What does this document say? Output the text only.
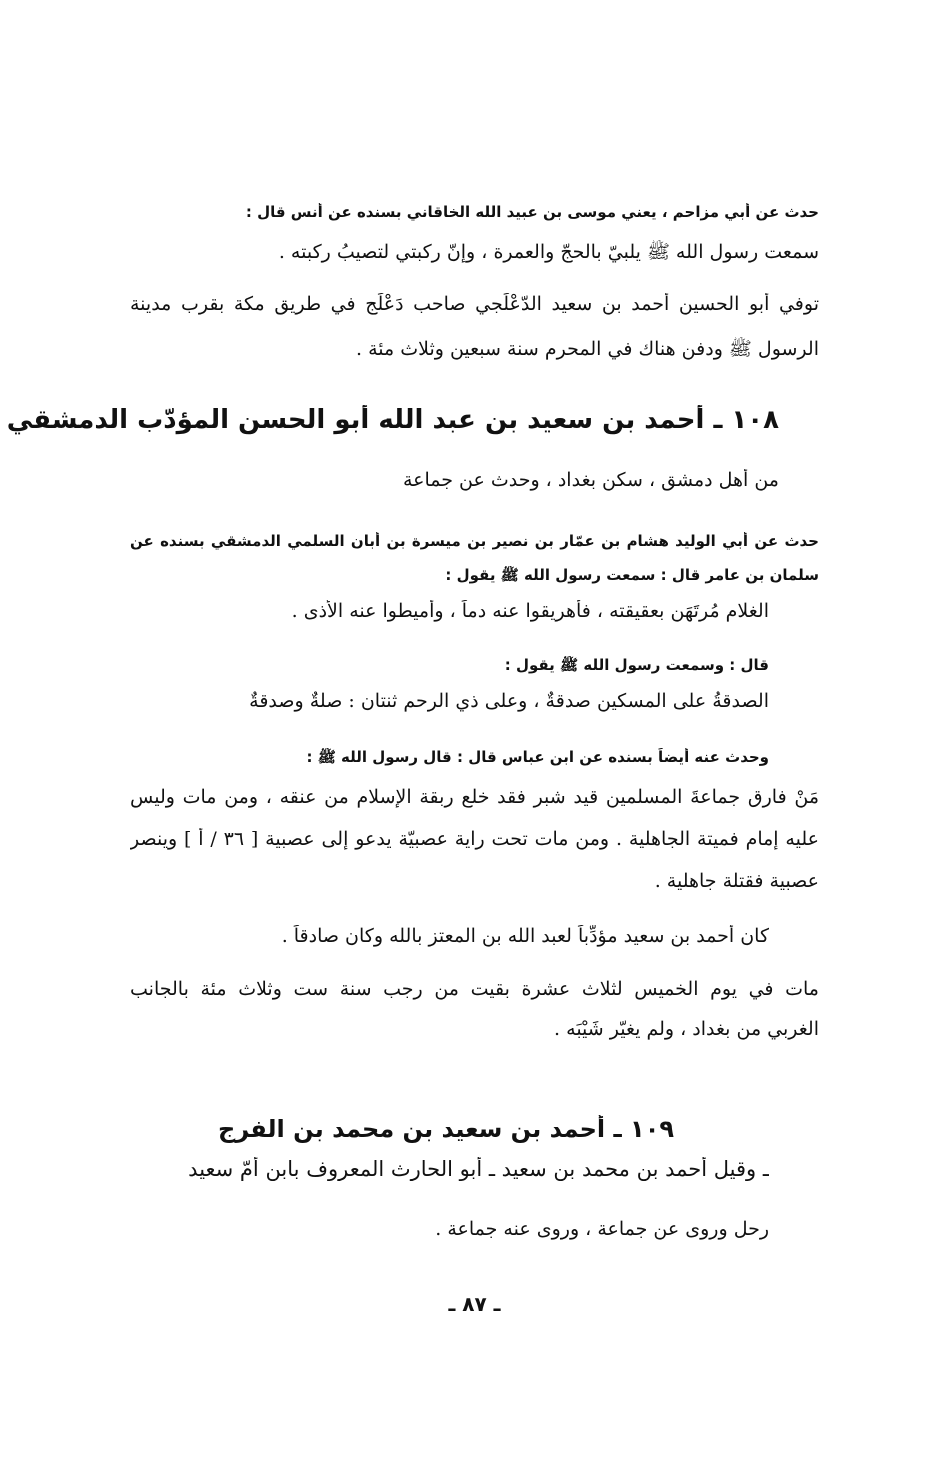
حدث عن أبي مزاحم ، يعني موسى بن عبيد الله الخاقاني بسنده عن أنس قال :
سمعت رسول الله ﷺ يلبيّ بالحجّ والعمرة ، وإنّ ركبتي لتصيبُ ركبته .
توفي أبو الحسين أحمد بن سعيد الدّعْلَجي صاحب دَعْلَج في طريق مكة بقرب مدينة
الرسول ﷺ ودفن هناك في المحرم سنة سبعين وثلاث مئة .
١٠٨ ـ أحمد بن سعيد بن عبد الله أبو الحسن المؤدّب الدمشقي
من أهل دمشق ، سكن بغداد ، وحدث عن جماعة
حدث عن أبي الوليد هشام بن عمّار بن نصير بن ميسرة بن أبان السلمي الدمشقي بسنده عن
سلمان بن عامر قال : سمعت رسول الله ﷺ يقول :
الغلام مُرتَهَن بعقيقته ، فأهريقوا عنه دماً ، وأميطوا عنه الأذى .
قال : وسمعت رسول الله ﷺ يقول :
الصدقةُ على المسكين صدقةٌ ، وعلى ذي الرحم ثنتان : صلةٌ وصدقةٌ
وحدث عنه أيضاً بسنده عن ابن عباس قال : قال رسول الله ﷺ :
مَنْ فارق جماعةَ المسلمين قيد شبر فقد خلع رِبقة الإسلام من عنقه ، ومن مات وليس
عليه إمام فميتة الجاهلية . ومن مات تحت راية عصبيّة يدعو إلى عصبية [ ٣٦ / أ ] وينصر
عصبية فقتلة جاهلية .
كان أحمد بن سعيد مؤدِّباً لعبد الله بن المعتز بالله وكان صادقاً .
مات في يوم الخميس لثلاث عشرة بقيت من رجب سنة ست وثلاث مئة بالجانب
الغربي من بغداد ، ولم يغيّر شَيْبَه .
١٠٩ ـ أحمد بن سعيد بن محمد بن الفرج
ـ وقيل أحمد بن محمد بن سعيد ـ أبو الحارث المعروف بابن أمّ سعيد
رحل وروى عن جماعة ، وروى عنه جماعة .
ـ ٨٧ ـ
